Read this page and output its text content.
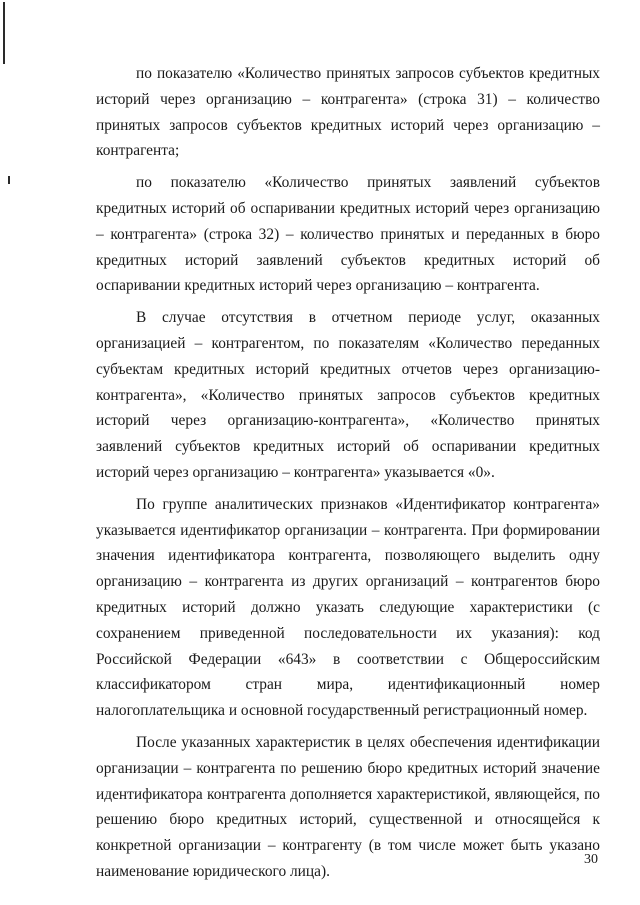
по показателю «Количество принятых запросов субъектов кредитных историй через организацию – контрагента» (строка 31) – количество принятых запросов субъектов кредитных историй через организацию – контрагента;

по показателю «Количество принятых заявлений субъектов кредитных историй об оспаривании кредитных историй через организацию – контрагента» (строка 32) – количество принятых и переданных в бюро кредитных историй заявлений субъектов кредитных историй об оспаривании кредитных историй через организацию – контрагента.

В случае отсутствия в отчетном периоде услуг, оказанных организацией – контрагентом, по показателям «Количество переданных субъектам кредитных историй кредитных отчетов через организацию-контрагента», «Количество принятых запросов субъектов кредитных историй через организацию-контрагента», «Количество принятых заявлений субъектов кредитных историй об оспаривании кредитных историй через организацию – контрагента» указывается «0».

По группе аналитических признаков «Идентификатор контрагента» указывается идентификатор организации – контрагента. При формировании значения идентификатора контрагента, позволяющего выделить одну организацию – контрагента из других организаций – контрагентов бюро кредитных историй должно указать следующие характеристики (с сохранением приведенной последовательности их указания): код Российской Федерации «643» в соответствии с Общероссийским классификатором стран мира, идентификационный номер налогоплательщика и основной государственный регистрационный номер.

После указанных характеристик в целях обеспечения идентификации организации – контрагента по решению бюро кредитных историй значение идентификатора контрагента дополняется характеристикой, являющейся, по решению бюро кредитных историй, существенной и относящейся к конкретной организации – контрагенту (в том числе может быть указано наименование юридического лица).

30
